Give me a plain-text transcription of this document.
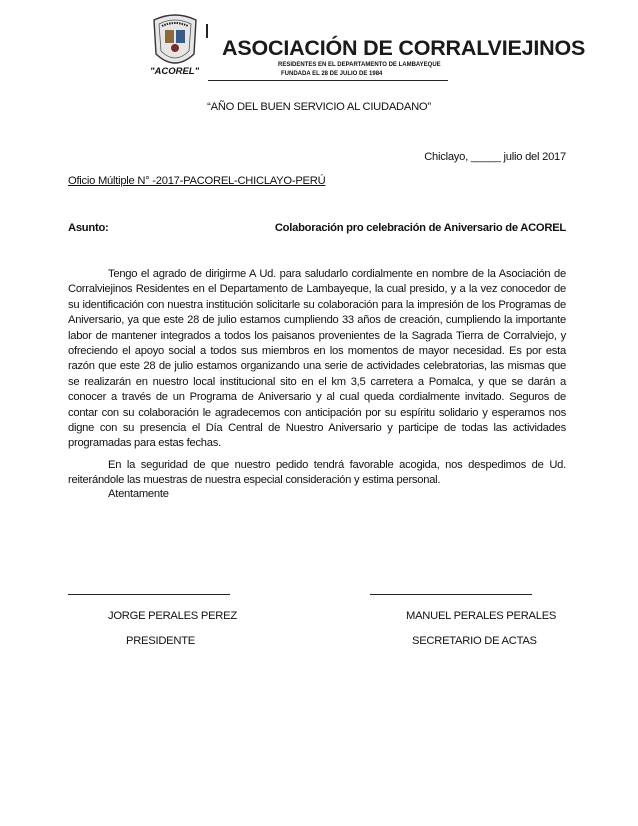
ASOCIACIÓN DE CORRALVIEJINOS
RESIDENTES EN EL DEPARTAMENTO DE LAMBAYEQUE
FUNDADA EL 28 DE JULIO DE 1984
"ACOREL"
“AÑO DEL BUEN SERVICIO AL CIUDADANO”
Chiclayo, _____ julio del 2017
Oficio Múltiple N° -2017-PACOREL-CHICLAYO-PERÚ
Asunto:	Colaboración pro celebración de Aniversario de ACOREL

Tengo el agrado de dirigirme A Ud. para saludarlo cordialmente en nombre de la Asociación de Corralviejinos Residentes en el Departamento de Lambayeque, la cual presido, y a la vez conocedor de su identificación con nuestra institución solicitarle su colaboración para la impresión de los Programas de Aniversario, ya que este 28 de julio estamos cumpliendo 33 años de creación, cumpliendo la importante labor de mantener integrados a todos los paisanos provenientes de la Sagrada Tierra de Corralviejo, y ofreciendo el apoyo social a todos sus miembros en los momentos de mayor necesidad. Es por esta razón que este 28 de julio estamos organizando una serie de actividades celebratorias, las mismas que se realizarán en nuestro local institucional sito en el km 3,5 carretera a Pomalca, y que se darán a conocer a través de un Programa de Aniversario y al cual queda cordialmente invitado. Seguros de contar con su colaboración le agradecemos con anticipación por su espíritu solidario y esperamos nos digne con su presencia el Día Central de Nuestro Aniversario y participe de todas las actividades programadas para estas fechas.

En la seguridad de que nuestro pedido tendrá favorable acogida, nos despedimos de Ud. reiterándole las muestras de nuestra especial consideración y estima personal.

Atentamente
JORGE PERALES PEREZ	MANUEL PERALES PERALES
PRESIDENTE	SECRETARIO DE ACTAS
